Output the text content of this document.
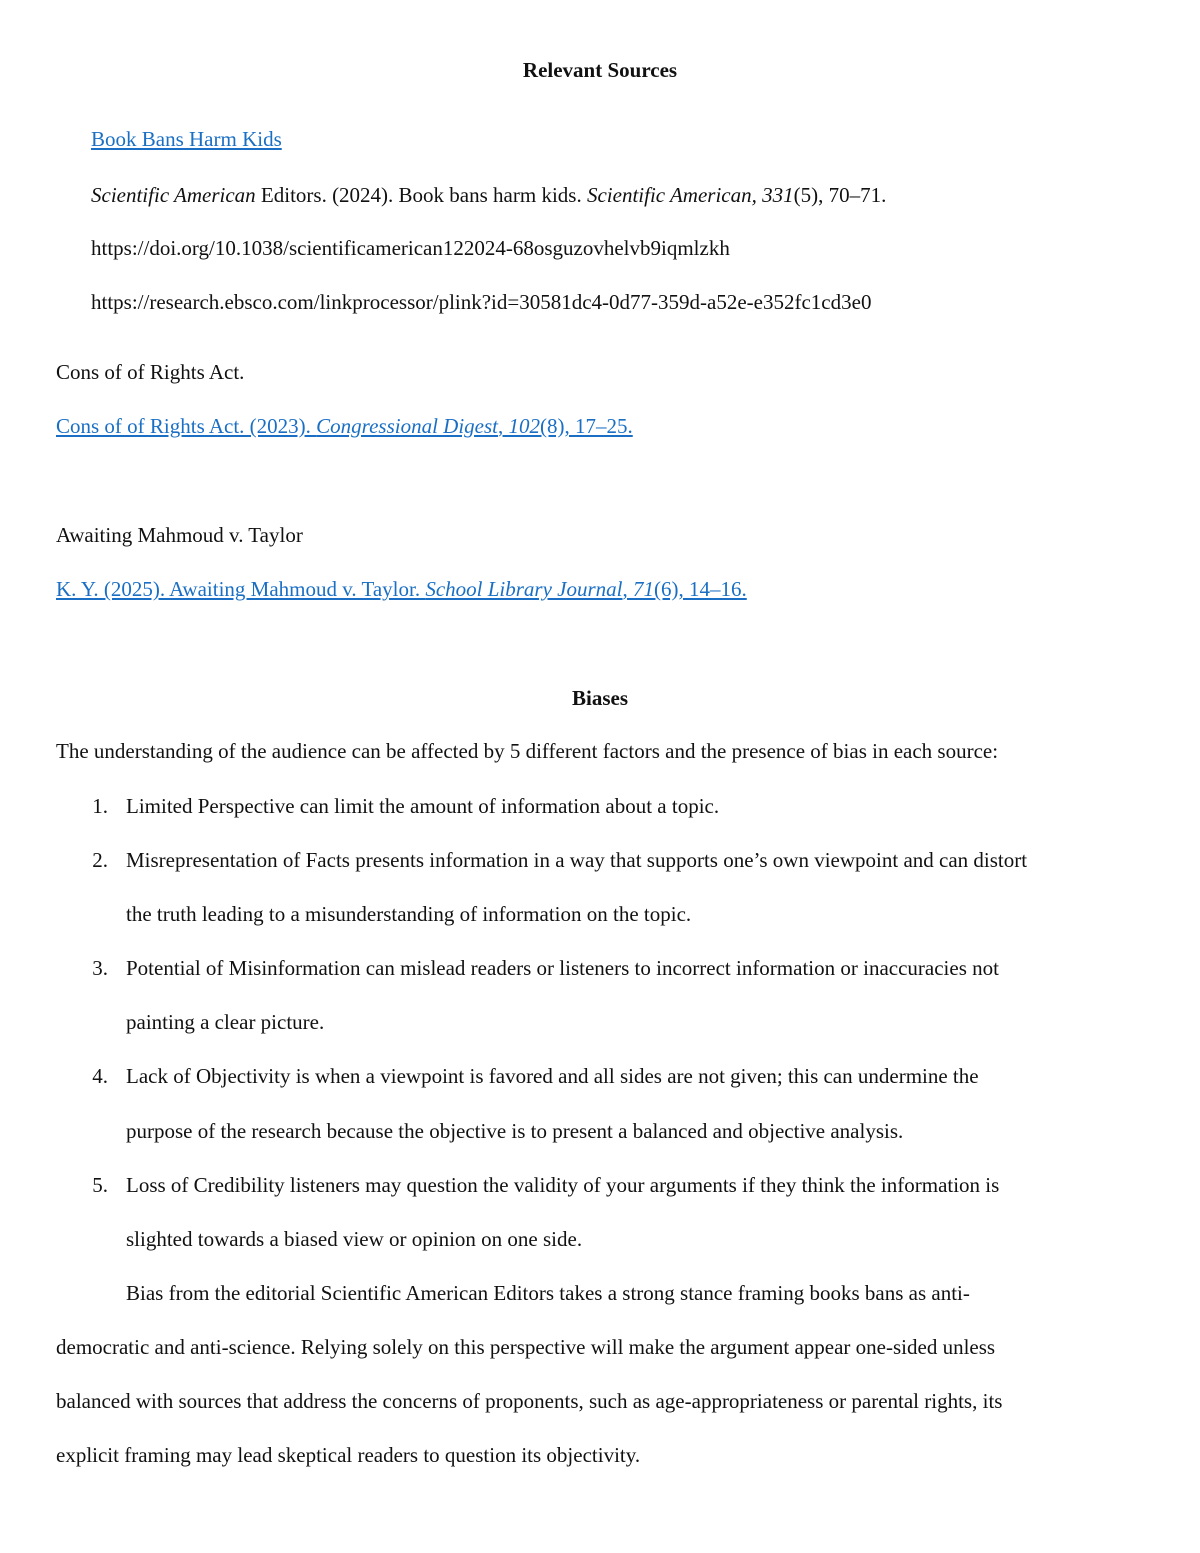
Relevant Sources

Book Bans Harm Kids

Scientific American Editors. (2024). Book bans harm kids. Scientific American, 331(5), 70–71.

https://doi.org/10.1038/scientificamerican122024-68osguzovhelvb9iqmlzkh

https://research.ebsco.com/linkprocessor/plink?id=30581dc4-0d77-359d-a52e-e352fc1cd3e0

Cons of of Rights Act.

Cons of of Rights Act. (2023). Congressional Digest, 102(8), 17–25.

Awaiting Mahmoud v. Taylor

K. Y. (2025). Awaiting Mahmoud v. Taylor. School Library Journal, 71(6), 14–16.

Biases

The understanding of the audience can be affected by 5 different factors and the presence of bias in each source:

1. Limited Perspective can limit the amount of information about a topic.

2. Misrepresentation of Facts presents information in a way that supports one’s own viewpoint and can distort

the truth leading to a misunderstanding of information on the topic.

3. Potential of Misinformation can mislead readers or listeners to incorrect information or inaccuracies not

painting a clear picture.

4. Lack of Objectivity is when a viewpoint is favored and all sides are not given; this can undermine the

purpose of the research because the objective is to present a balanced and objective analysis.

5. Loss of Credibility listeners may question the validity of your arguments if they think the information is

slighted towards a biased view or opinion on one side.

Bias from the editorial Scientific American Editors takes a strong stance framing books bans as anti-

democratic and anti-science. Relying solely on this perspective will make the argument appear one-sided unless

balanced with sources that address the concerns of proponents, such as age-appropriateness or parental rights, its

explicit framing may lead skeptical readers to question its objectivity.
